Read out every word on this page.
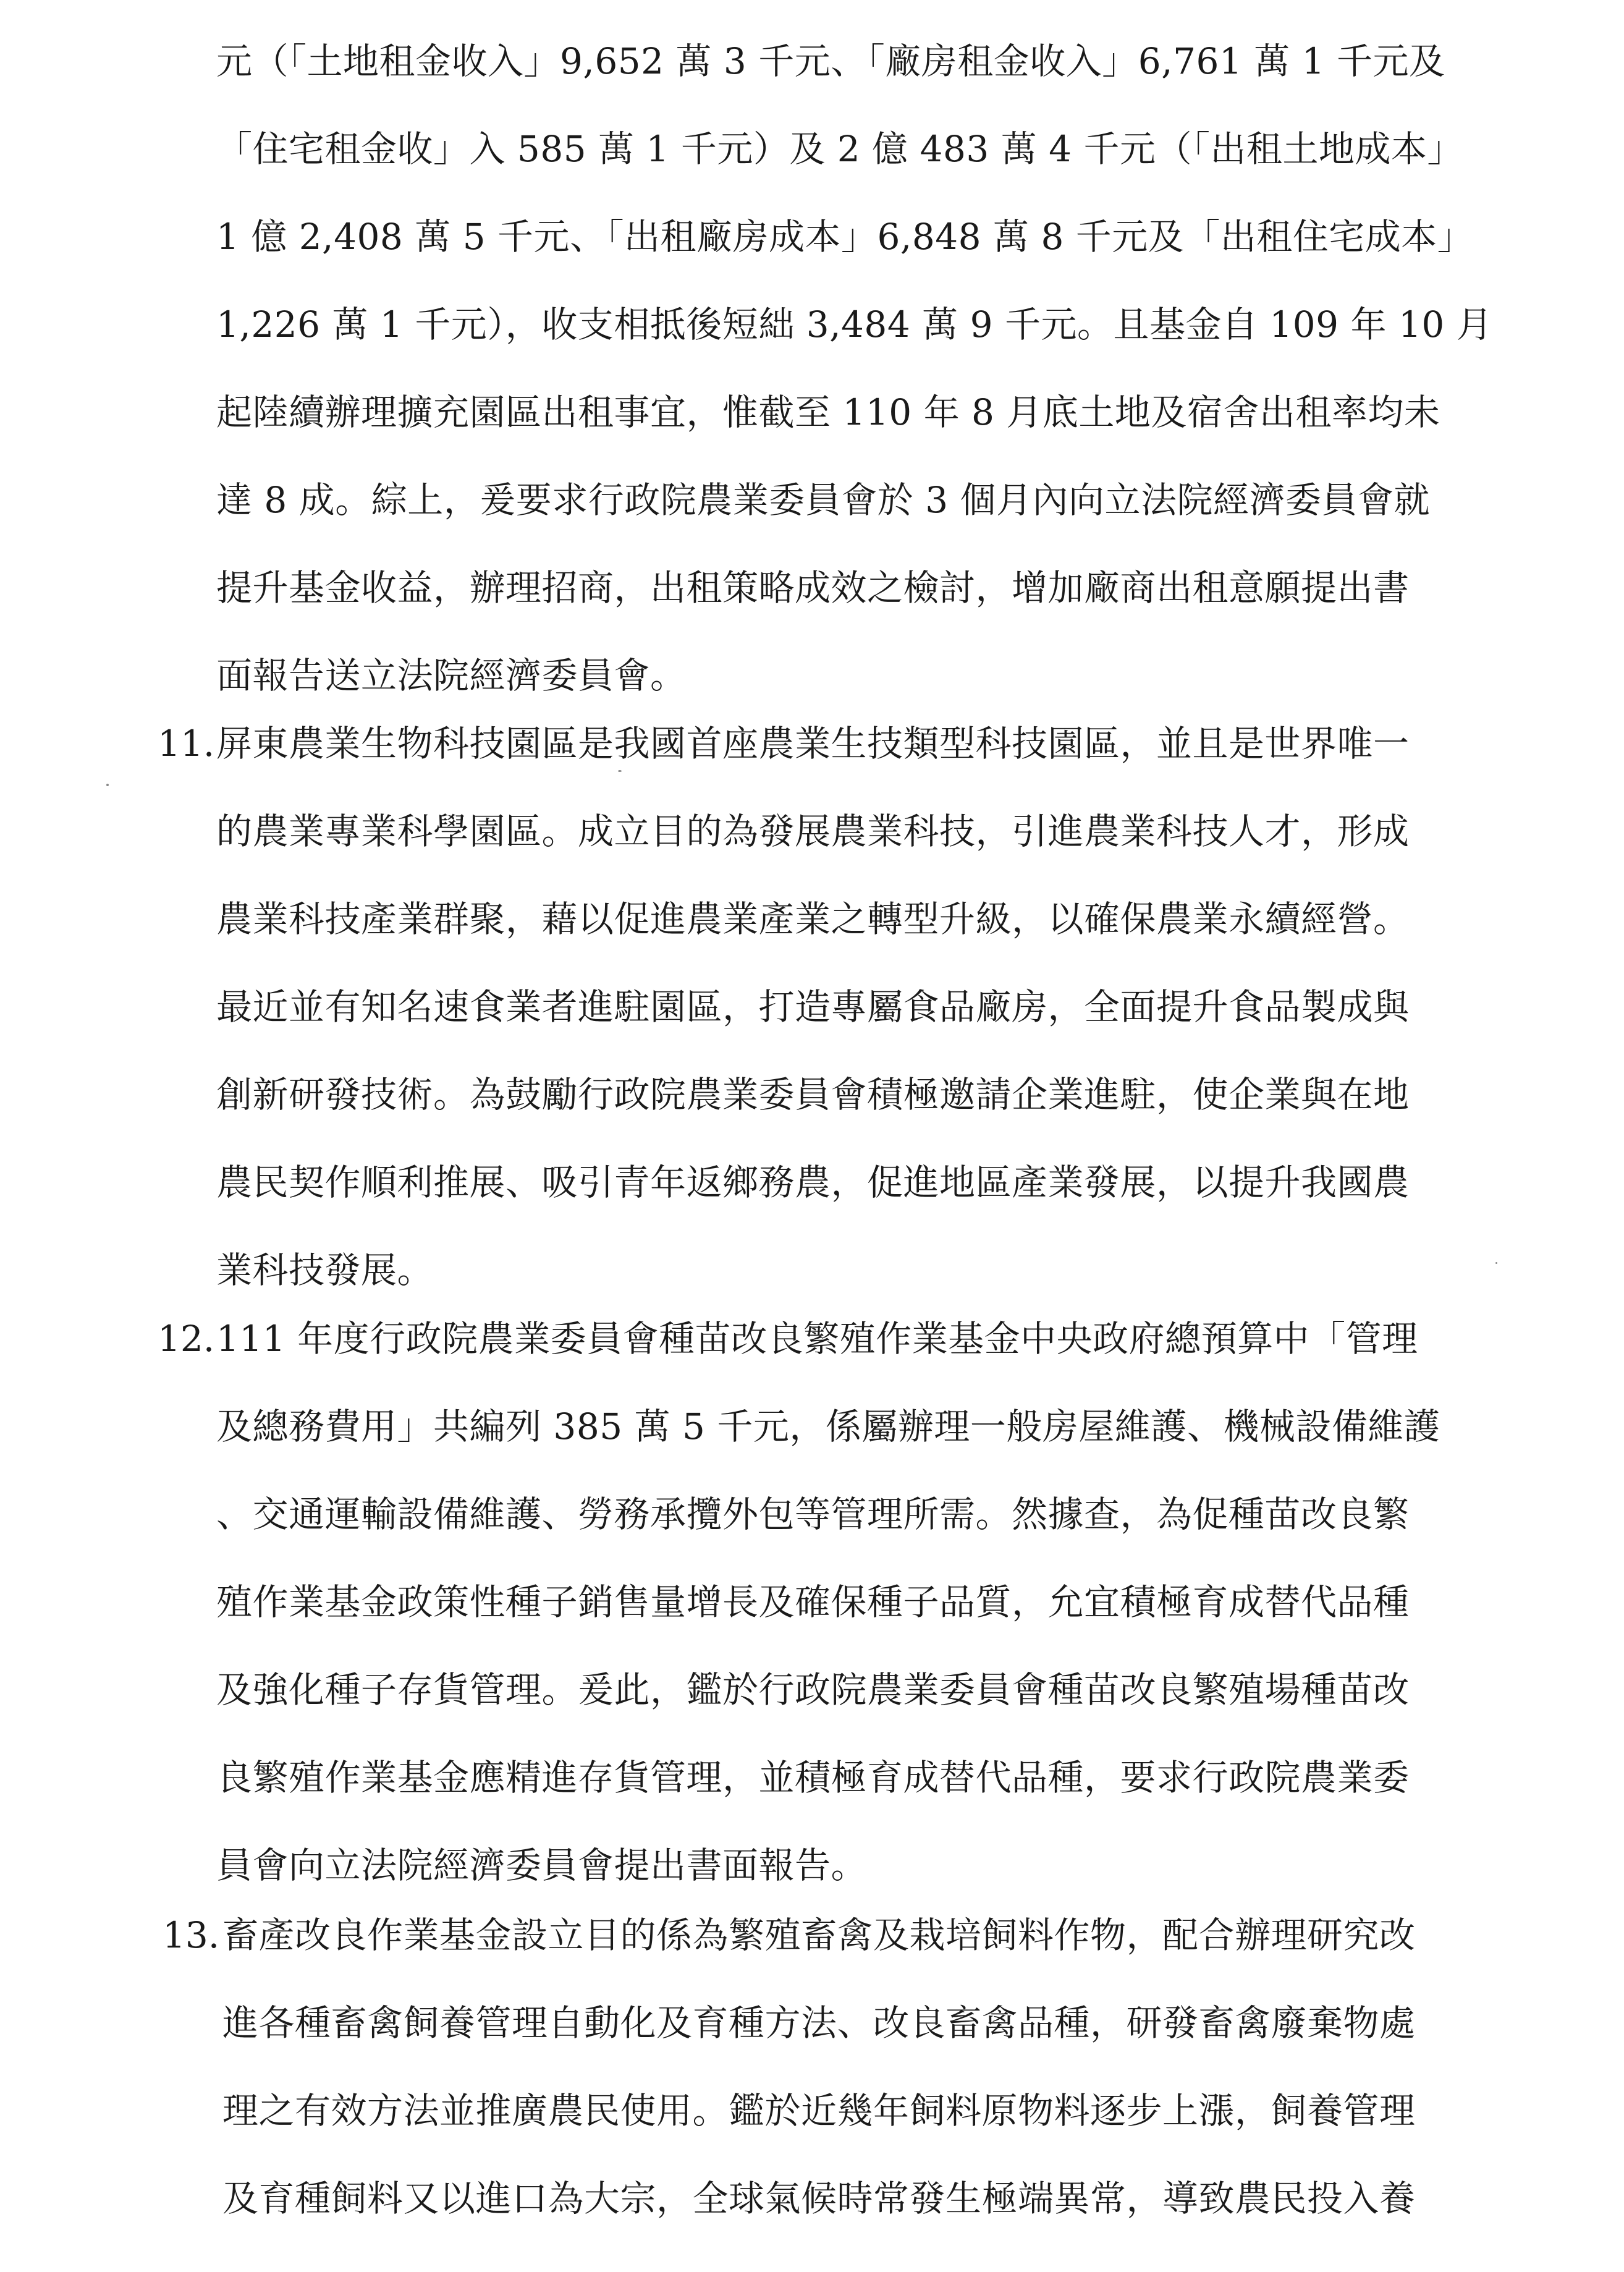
元（「土地租金收入」9,652 萬 3 千元、「廠房租金收入」6,761 萬 1 千元及
「住宅租金收」入 585 萬 1 千元）及 2 億 483 萬 4 千元（「出租土地成本」
1 億 2,408 萬 5 千元、「出租廠房成本」6,848 萬 8 千元及「出租住宅成本」
1,226 萬 1 千元），收支相抵後短絀 3,484 萬 9 千元。且基金自 109 年 10 月
起陸續辦理擴充園區出租事宜，惟截至 110 年 8 月底土地及宿舍出租率均未
達 8 成。綜上，爰要求行政院農業委員會於 3 個月內向立法院經濟委員會就
提升基金收益，辦理招商，出租策略成效之檢討，增加廠商出租意願提出書
面報告送立法院經濟委員會。
11. 屏東農業生物科技園區是我國首座農業生技類型科技園區，並且是世界唯一
的農業專業科學園區。成立目的為發展農業科技，引進農業科技人才，形成
農業科技產業群聚，藉以促進農業產業之轉型升級，以確保農業永續經營。
最近並有知名速食業者進駐園區，打造專屬食品廠房，全面提升食品製成與
創新研發技術。為鼓勵行政院農業委員會積極邀請企業進駐，使企業與在地
農民契作順利推展、吸引青年返鄉務農，促進地區產業發展，以提升我國農
業科技發展。
12. 111 年度行政院農業委員會種苗改良繁殖作業基金中央政府總預算中「管理
及總務費用」共編列 385 萬 5 千元，係屬辦理一般房屋維護、機械設備維護
、交通運輸設備維護、勞務承攬外包等管理所需。然據查，為促種苗改良繁
殖作業基金政策性種子銷售量增長及確保種子品質，允宜積極育成替代品種
及強化種子存貨管理。爰此，鑑於行政院農業委員會種苗改良繁殖場種苗改
良繁殖作業基金應精進存貨管理，並積極育成替代品種，要求行政院農業委
員會向立法院經濟委員會提出書面報告。
13. 畜產改良作業基金設立目的係為繁殖畜禽及栽培飼料作物，配合辦理研究改
進各種畜禽飼養管理自動化及育種方法、改良畜禽品種，研發畜禽廢棄物處
理之有效方法並推廣農民使用。鑑於近幾年飼料原物料逐步上漲，飼養管理
及育種飼料又以進口為大宗，全球氣候時常發生極端異常，導致農民投入養
